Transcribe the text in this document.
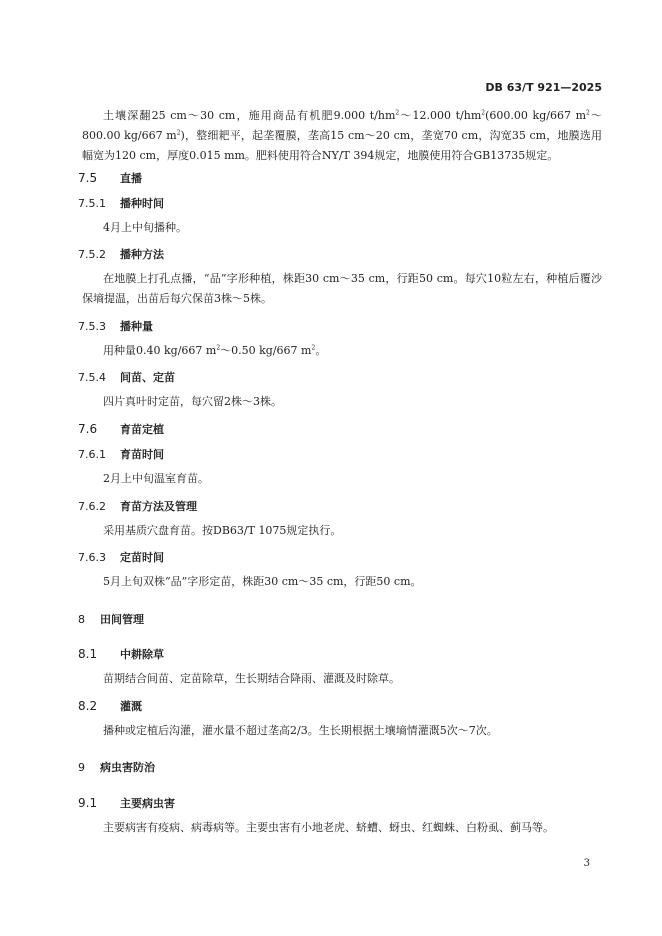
DB 63/T 921—2025
土壤深翻25 cm～30 cm，施用商品有机肥9.000 $t/hm^2\sim 12.000$ $t/hm^2(600.00$ kg/667 $m^2\sim 800.00$ kg/667 $m^2$)，整细耙平，起垄覆膜，垄高15 cm～20 cm，垄宽70 cm，沟宽35 cm，地膜选用幅宽为120 cm，厚度0.015 mm。肥料使用符合NY/T 394规定，地膜使用符合GB13735规定。
7.5 直播
7.5.1 播种时间
4月上中旬播种。
7.5.2 播种方法
在地膜上打孔点播，“品”字形种植，株距30 cm～35 cm，行距50 cm。每穴10粒左右，种植后覆沙保墒提温，出苗后每穴保苗3株～5株。
7.5.3 播种量
用种量0.40 kg/667 $m^2\sim 0.50$ kg/667 $m^2$。
7.5.4 间苗、定苗
四片真叶时定苗，每穴留2株～3株。
7.6 育苗定植
7.6.1 育苗时间
2月上中旬温室育苗。
7.6.2 育苗方法及管理
采用基质穴盘育苗。按DB63/T 1075规定执行。
7.6.3 定苗时间
5月上旬双株“品”字形定苗，株距30 cm～35 cm，行距50 cm。
8 田间管理
8.1 中耕除草
苗期结合间苗、定苗除草，生长期结合降雨、灌溉及时除草。
8.2 灌溉
播种或定植后沟灌，灌水量不超过垄高2/3。生长期根据土壤墒情灌溉5次～7次。
9 病虫害防治
9.1 主要病虫害
主要病害有疫病、病毒病等。主要虫害有小地老虎、蛴螬、蚜虫、红蜘蛛、白粉虱、蓟马等。
3
